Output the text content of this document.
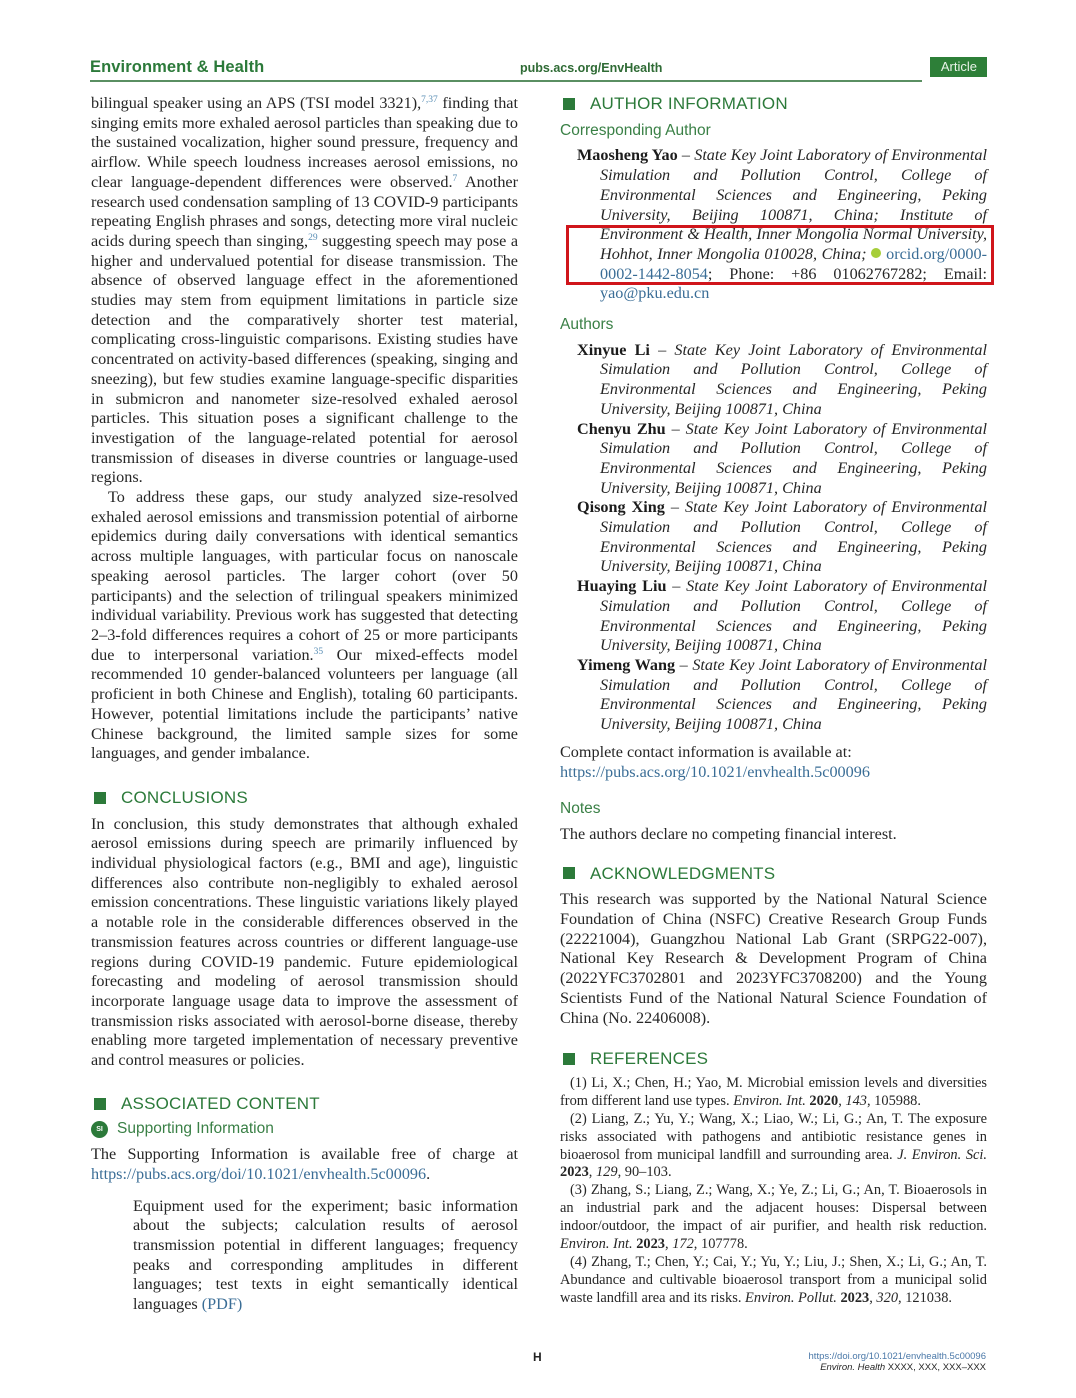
Environment & Health	pubs.acs.org/EnvHealth	Article

bilingual speaker using an APS (TSI model 3321),$^{7,37}$ finding that singing emits more exhaled aerosol particles than speaking due to the sustained vocalization, higher sound pressure, frequency and airflow. While speech loudness increases aerosol emissions, no clear language-dependent differences were observed.$^7$ Another research used condensation sampling of 13 COVID-9 participants repeating English phrases and songs, detecting more viral nucleic acids during speech than singing,$^{29}$ suggesting speech may pose a higher and undervalued potential for disease transmission. The absence of observed language effect in the aforementioned studies may stem from equipment limitations in particle size detection and the comparatively shorter test material, complicating cross-linguistic comparisons. Existing studies have concentrated on activity-based differences (speaking, singing and sneezing), but few studies examine language-specific disparities in submicron and nanometer size-resolved exhaled aerosol particles. This situation poses a significant challenge to the investigation of the language-related potential for aerosol transmission of diseases in diverse countries or language-used regions.

To address these gaps, our study analyzed size-resolved exhaled aerosol emissions and transmission potential of airborne epidemics during daily conversations with identical semantics across multiple languages, with particular focus on nanoscale speaking aerosol particles. The larger cohort (over 50 participants) and the selection of trilingual speakers minimized individual variability. Previous work has suggested that detecting 2–3-fold differences requires a cohort of 25 or more participants due to interpersonal variation.$^{35}$ Our mixed-effects model recommended 10 gender-balanced volunteers per language (all proficient in both Chinese and English), totaling 60 participants. However, potential limitations include the participants’ native Chinese background, the limited sample sizes for some languages, and gender imbalance.

CONCLUSIONS

In conclusion, this study demonstrates that although exhaled aerosol emissions during speech are primarily influenced by individual physiological factors (e.g., BMI and age), linguistic differences also contribute non-negligibly to exhaled aerosol emission concentrations. These linguistic variations likely played a notable role in the considerable differences observed in the transmission features across countries or different language-use regions during COVID-19 pandemic. Future epidemiological forecasting and modeling of aerosol transmission should incorporate language usage data to improve the assessment of transmission risks associated with aerosol-borne disease, thereby enabling more targeted implementation of necessary preventive and control measures or policies.

ASSOCIATED CONTENT
SI Supporting Information

The Supporting Information is available free of charge at https://pubs.acs.org/doi/10.1021/envhealth.5c00096.

Equipment used for the experiment; basic information about the subjects; calculation results of aerosol transmission potential in different languages; frequency peaks and corresponding amplitudes in different languages; test texts in eight semantically identical languages (PDF)

AUTHOR INFORMATION
Corresponding Author

Maosheng Yao – State Key Joint Laboratory of Environmental Simulation and Pollution Control, College of Environmental Sciences and Engineering, Peking University, Beijing 100871, China; Institute of Environment & Health, Inner Mongolia Normal University, Hohhot, Inner Mongolia 010028, China; orcid.org/0000-0002-1442-8054; Phone: +86 01062767282; Email: yao@pku.edu.cn

Authors

Xinyue Li – State Key Joint Laboratory of Environmental Simulation and Pollution Control, College of Environmental Sciences and Engineering, Peking University, Beijing 100871, China

Chenyu Zhu – State Key Joint Laboratory of Environmental Simulation and Pollution Control, College of Environmental Sciences and Engineering, Peking University, Beijing 100871, China

Qisong Xing – State Key Joint Laboratory of Environmental Simulation and Pollution Control, College of Environmental Sciences and Engineering, Peking University, Beijing 100871, China

Huaying Liu – State Key Joint Laboratory of Environmental Simulation and Pollution Control, College of Environmental Sciences and Engineering, Peking University, Beijing 100871, China

Yimeng Wang – State Key Joint Laboratory of Environmental Simulation and Pollution Control, College of Environmental Sciences and Engineering, Peking University, Beijing 100871, China

Complete contact information is available at:

https://pubs.acs.org/10.1021/envhealth.5c00096

Notes

The authors declare no competing financial interest.

ACKNOWLEDGMENTS

This research was supported by the National Natural Science Foundation of China (NSFC) Creative Research Group Funds (22221004), Guangzhou National Lab Grant (SRPG22-007), National Key Research & Development Program of China (2022YFC3702801 and 2023YFC3708200) and the Young Scientists Fund of the National Natural Science Foundation of China (No. 22406008).

REFERENCES

(1) Li, X.; Chen, H.; Yao, M. Microbial emission levels and diversities from different land use types. Environ. Int. 2020, 143, 105988.

(2) Liang, Z.; Yu, Y.; Wang, X.; Liao, W.; Li, G.; An, T. The exposure risks associated with pathogens and antibiotic resistance genes in bioaerosol from municipal landfill and surrounding area. J. Environ. Sci. 2023, 129, 90–103.

(3) Zhang, S.; Liang, Z.; Wang, X.; Ye, Z.; Li, G.; An, T. Bioaerosols in an industrial park and the adjacent houses: Dispersal between indoor/outdoor, the impact of air purifier, and health risk reduction. Environ. Int. 2023, 172, 107778.

(4) Zhang, T.; Chen, Y.; Cai, Y.; Yu, Y.; Liu, J.; Shen, X.; Li, G.; An, T. Abundance and cultivable bioaerosol transport from a municipal solid waste landfill area and its risks. Environ. Pollut. 2023, 320, 121038.

H	https://doi.org/10.1021/envhealth.5c00096
Environ. Health XXXX, XXX, XXX–XXX
